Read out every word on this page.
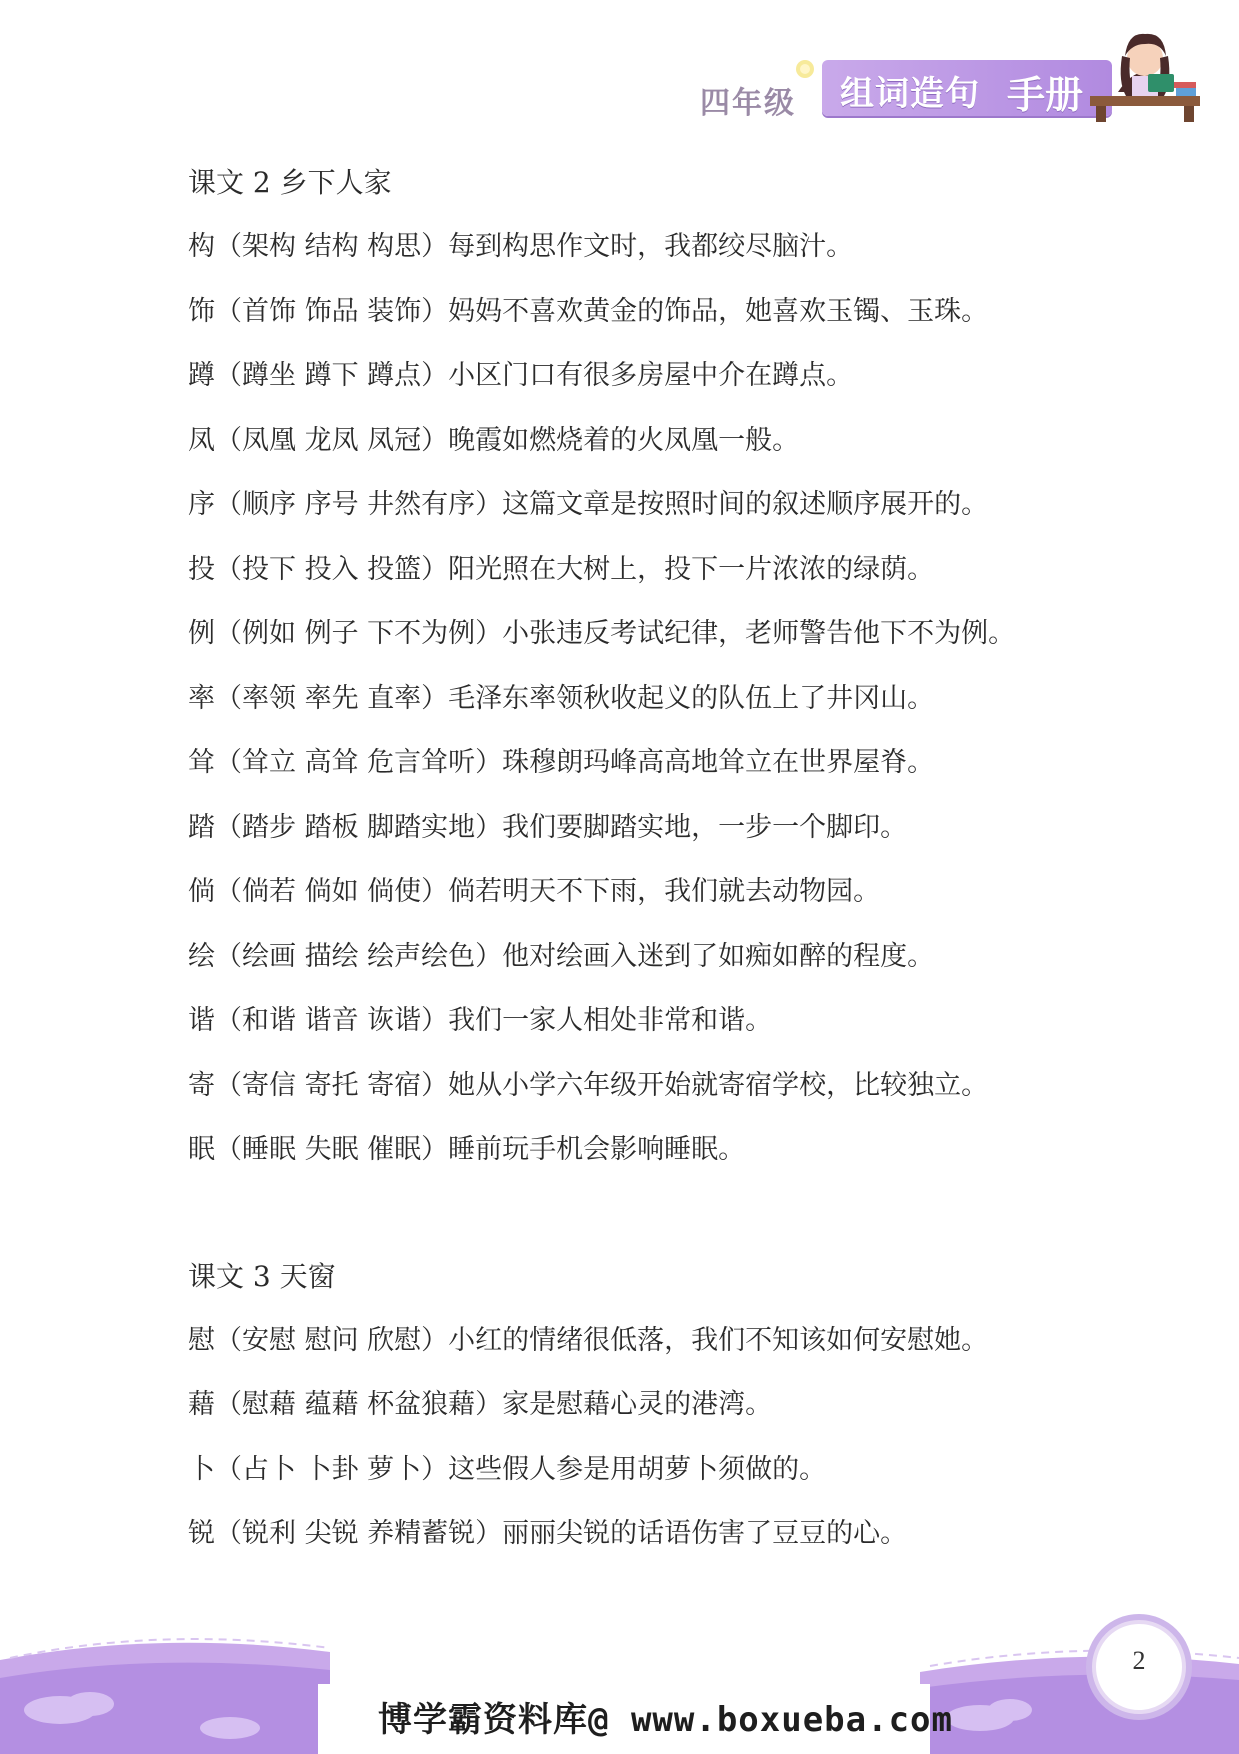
四年级 组词造句 手册
课文 2 乡下人家
构（架构 结构 构思）每到构思作文时，我都绞尽脑汁。
饰（首饰 饰品 装饰）妈妈不喜欢黄金的饰品，她喜欢玉镯、玉珠。
蹲（蹲坐 蹲下 蹲点）小区门口有很多房屋中介在蹲点。
凤（凤凰 龙凤 凤冠）晚霞如燃烧着的火凤凰一般。
序（顺序 序号 井然有序）这篇文章是按照时间的叙述顺序展开的。
投（投下 投入 投篮）阳光照在大树上，投下一片浓浓的绿荫。
例（例如 例子 下不为例）小张违反考试纪律，老师警告他下不为例。
率（率领 率先 直率）毛泽东率领秋收起义的队伍上了井冈山。
耸（耸立 高耸 危言耸听）珠穆朗玛峰高高地耸立在世界屋脊。
踏（踏步 踏板 脚踏实地）我们要脚踏实地，一步一个脚印。
倘（倘若 倘如 倘使）倘若明天不下雨，我们就去动物园。
绘（绘画 描绘 绘声绘色）他对绘画入迷到了如痴如醉的程度。
谐（和谐 谐音 诙谐）我们一家人相处非常和谐。
寄（寄信 寄托 寄宿）她从小学六年级开始就寄宿学校，比较独立。
眠（睡眠 失眠 催眠）睡前玩手机会影响睡眠。
课文 3 天窗
慰（安慰 慰问 欣慰）小红的情绪很低落，我们不知该如何安慰她。
藉（慰藉 蕴藉 杯盆狼藉）家是慰藉心灵的港湾。
卜（占卜 卜卦 萝卜）这些假人参是用胡萝卜须做的。
锐（锐利 尖锐 养精蓄锐）丽丽尖锐的话语伤害了豆豆的心。
博学霸资料库@ www.boxueba.com
2
